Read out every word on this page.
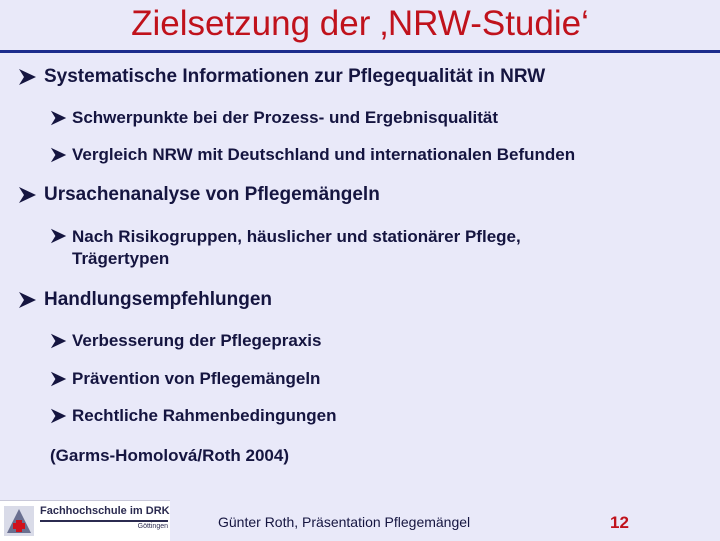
Zielsetzung der ‚NRW-Studie‘
Systematische Informationen zur Pflegequalität in NRW
Schwerpunkte bei der Prozess- und Ergebnisqualität
Vergleich NRW mit Deutschland und internationalen Befunden
Ursachenanalyse von Pflegemängeln
Nach Risikogruppen, häuslicher und stationärer Pflege,
Trägertypen
Handlungsempfehlungen
Verbesserung der Pflegepraxis
Prävention von Pflegemängeln
Rechtliche Rahmenbedingungen
(Garms-Homolová/Roth 2004)
Fachhochschule im DRK
Göttingen	Günter Roth, Präsentation Pflegemängel	12
